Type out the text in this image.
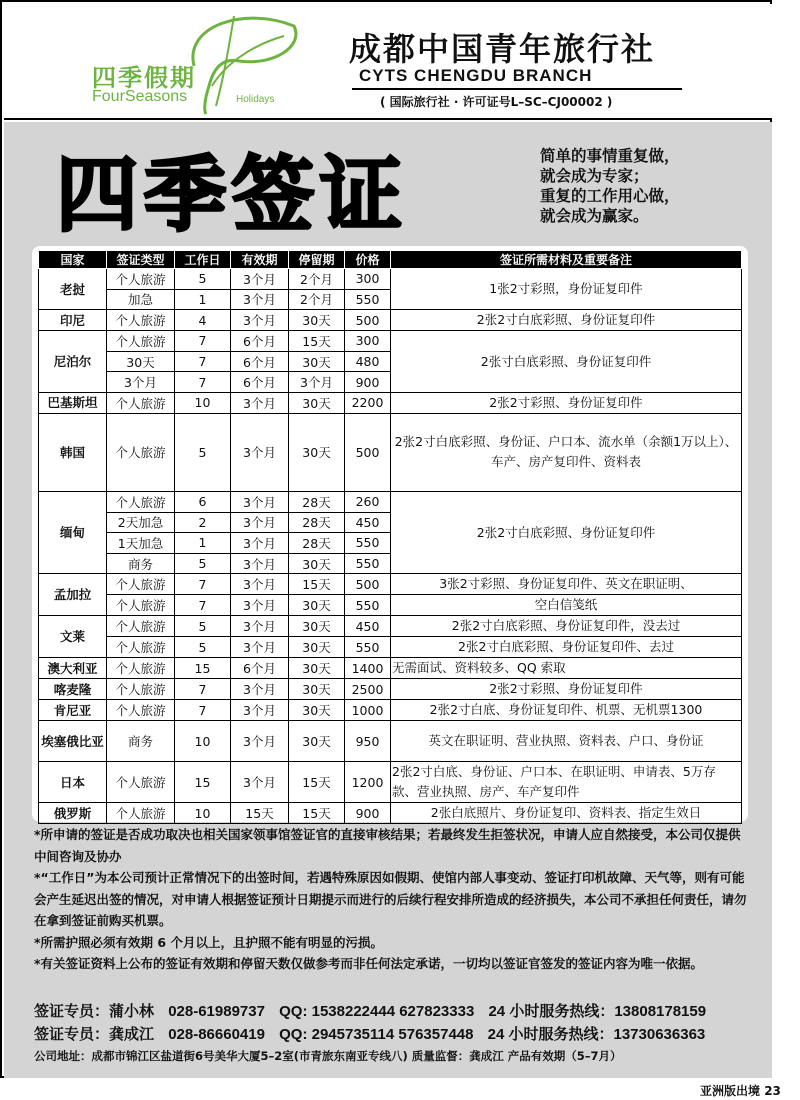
四季假期
FourSeasons	Holidays
成都中国青年旅行社
CYTS CHENGDU BRANCH
( 国际旅行社 · 许可证号L–SC–CJ00002 )
四季签证	简单的事情重复做，
就会成为专家；
重复的工作用心做，
就会成为赢家。
国家	签证类型	工作日	有效期	停留期	价格	签证所需材料及重要备注
老挝	个人旅游	5	3个月	2个月	300	1张2寸彩照，身份证复印件
	加急	1	3个月	2个月	550	
印尼	个人旅游	4	3个月	30天	500	2张2寸白底彩照、身份证复印件
尼泊尔	个人旅游	7	6个月	15天	300	2张寸白底彩照、身份证复印件
	30天	7	6个月	30天	480	
	3个月	7	6个月	3个月	900	
巴基斯坦	个人旅游	10	3个月	30天	2200	2张2寸彩照、身份证复印件
韩国	个人旅游	5	3个月	30天	500	2张2寸白底彩照、身份证、户口本、流水单（余额1万以上）、车产、房产复印件、资料表
缅甸	个人旅游	6	3个月	28天	260	2张2寸白底彩照、身份证复印件
	2天加急	2	3个月	28天	450	
	1天加急	1	3个月	28天	550	
	商务	5	3个月	30天	550	
孟加拉	个人旅游	7	3个月	15天	500	3张2寸彩照、身份证复印件、英文在职证明、
	个人旅游	7	3个月	30天	550	空白信笺纸
文莱	个人旅游	5	3个月	30天	450	2张2寸白底彩照、身份证复印件，没去过
	个人旅游	5	3个月	30天	550	2张2寸白底彩照、身份证复印件、去过
澳大利亚	个人旅游	15	6个月	30天	1400	无需面试、资料较多、QQ 索取
喀麦隆	个人旅游	7	3个月	30天	2500	2张2寸彩照、身份证复印件
肯尼亚	个人旅游	7	3个月	30天	1000	2张2寸白底、身份证复印件、机票、无机票1300
埃塞俄比亚	商务	10	3个月	30天	950	英文在职证明、营业执照、资料表、户口、身份证
日本	个人旅游	15	3个月	15天	1200	2张2寸白底、身份证、户口本、在职证明、申请表、5万存款、营业执照、房产、车产复印件
俄罗斯	个人旅游	10	15天	15天	900	2张白底照片、身份证复印、资料表、指定生效日
*所申请的签证是否成功取决也相关国家领事馆签证官的直接审核结果；若最终发生拒签状况，申请人应自然接受，本公司仅提供中间咨询及协办
*“工作日”为本公司预计正常情况下的出签时间，若遇特殊原因如假期、使馆内部人事变动、签证打印机故障、天气等，则有可能会产生延迟出签的情况，对申请人根据签证预计日期提示而进行的后续行程安排所造成的经济损失，本公司不承担任何责任，请勿在拿到签证前购买机票。
*所需护照必须有效期 6 个月以上，且护照不能有明显的污损。
*有关签证资料上公布的签证有效期和停留天数仅做参考而非任何法定承诺，一切均以签证官签发的签证内容为唯一依据。
签证专员：蒲小林 028-61989737 QQ: 1538222444 627823333 24 小时服务热线：13808178159
签证专员：龚成江 028-86660419 QQ: 2945735114 576357448 24 小时服务热线：13730636363
公司地址：成都市锦江区盐道街6号美华大厦5–2室(市青旅东南亚专线八) 质量监督：龚成江 产品有效期（5–7月）
亚洲版出境 23
